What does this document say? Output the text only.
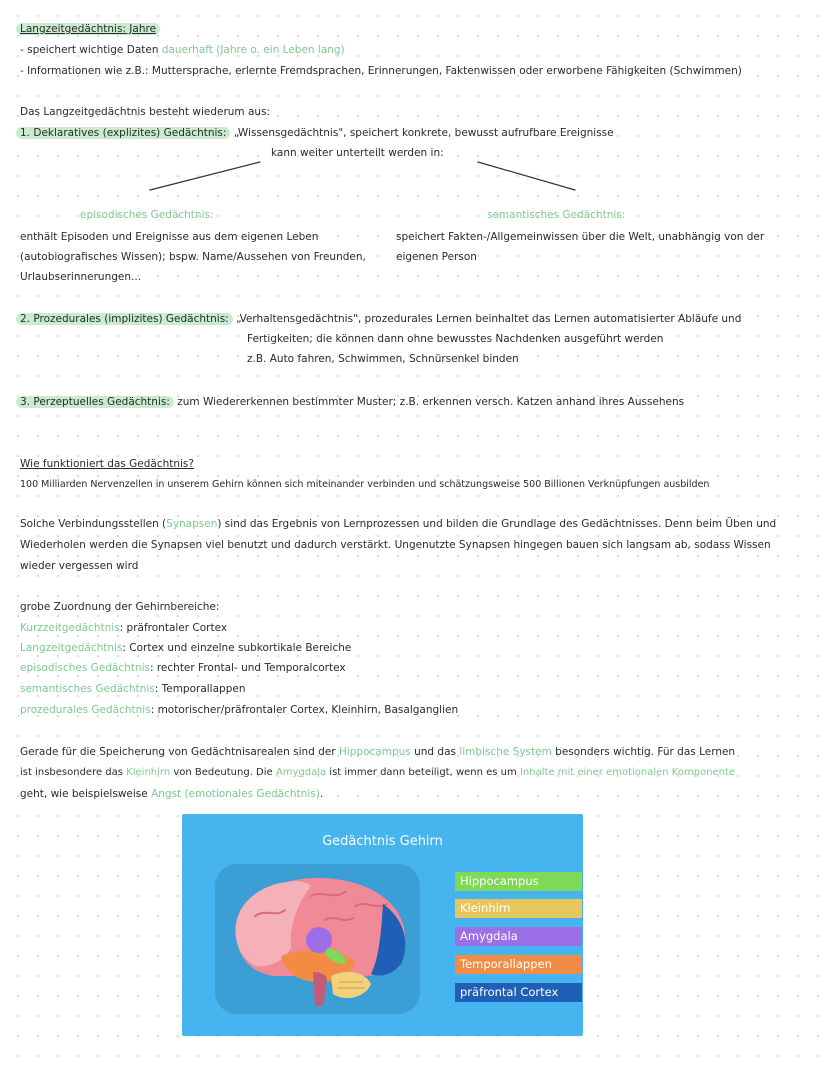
Langzeitgedächtnis: Jahre
- speichert wichtige Daten dauerhaft (Jahre o. ein Leben lang)
- Informationen wie z.B.: Muttersprache, erlernte Fremdsprachen, Erinnerungen, Faktenwissen oder erworbene Fähigkeiten (Schwimmen)
Das Langzeitgedächtnis besteht wiederum aus:
1. Deklaratives (explizites) Gedächtnis: „Wissensgedächtnis", speichert konkrete, bewusst aufrufbare Ereignisse
kann weiter unterteilt werden in:
episodisches Gedächtnis:
enthält Episoden und Ereignisse aus dem eigenen Leben
(autobiografisches Wissen); bspw. Name/Aussehen von Freunden,
Urlaubserinnerungen...
semantisches Gedächtnis:
speichert Fakten-/Allgemeinwissen über die Welt, unabhängig von der
eigenen Person
2. Prozedurales (implizites) Gedächtnis: „Verhaltensgedächtnis", prozedurales Lernen beinhaltet das Lernen automatisierter Abläufe und
Fertigkeiten; die können dann ohne bewusstes Nachdenken ausgeführt werden
z.B. Auto fahren, Schwimmen, Schnürsenkel binden
3. Perzeptuelles Gedächtnis: zum Wiedererkennen bestimmter Muster; z.B. erkennen versch. Katzen anhand ihres Aussehens
Wie funktioniert das Gedächtnis?
100 Milliarden Nervenzellen in unserem Gehirn können sich miteinander verbinden und schätzungsweise 500 Billionen Verknüpfungen ausbilden
Solche Verbindungsstellen (Synapsen) sind das Ergebnis von Lernprozessen und bilden die Grundlage des Gedächtnisses. Denn beim Üben und
Wiederholen werden die Synapsen viel benutzt und dadurch verstärkt. Ungenutzte Synapsen hingegen bauen sich langsam ab, sodass Wissen
wieder vergessen wird
grobe Zuordnung der Gehirnbereiche:
Kurzzeitgedächtnis: präfrontaler Cortex
Langzeitgedächtnis: Cortex und einzelne subkortikale Bereiche
episodisches Gedächtnis: rechter Frontal- und Temporalcortex
semantisches Gedächtnis: Temporallappen
prozedurales Gedächtnis: motorischer/präfrontaler Cortex, Kleinhirn, Basalganglien
Gerade für die Speicherung von Gedächtnisarealen sind der Hippocampus und das limbische System besonders wichtig. Für das Lernen
ist insbesondere das Kleinhirn von Bedeutung. Die Amygdala ist immer dann beteiligt, wenn es um Inhalte mit einer emotionalen Komponente
geht, wie beispielsweise Angst (emotionales Gedächtnis).
Gedächtnis Gehirn
Hippocampus
Kleinhirn
Amygdala
Temporallappen
präfrontal Cortex
